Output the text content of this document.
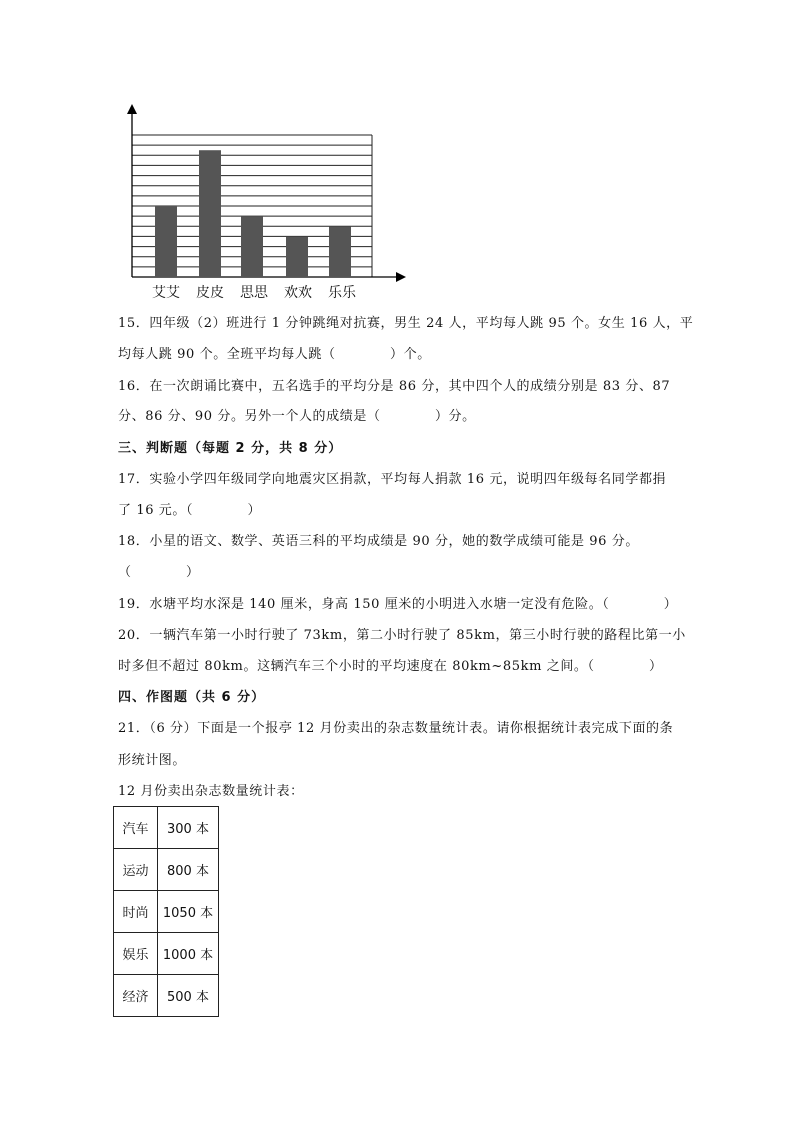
艾艾 皮皮 思思 欢欢 乐乐
15．四年级（2）班进行 1 分钟跳绳对抗赛，男生 24 人，平均每人跳 95 个。女生 16 人，平
均每人跳 90 个。全班平均每人跳（　　　　）个。
16．在一次朗诵比赛中，五名选手的平均分是 86 分，其中四个人的成绩分别是 83 分、87
分、86 分、90 分。另外一个人的成绩是（　　　　）分。
三、判断题（每题 2 分，共 8 分）
17．实验小学四年级同学向地震灾区捐款，平均每人捐款 16 元，说明四年级每名同学都捐
了 16 元。（　　　　）
18．小星的语文、数学、英语三科的平均成绩是 90 分，她的数学成绩可能是 96 分。
（　　　　）
19．水塘平均水深是 140 厘米，身高 150 厘米的小明进入水塘一定没有危险。（　　　　）
20．一辆汽车第一小时行驶了 73km，第二小时行驶了 85km，第三小时行驶的路程比第一小
时多但不超过 80km。这辆汽车三个小时的平均速度在 80km~85km 之间。（　　　　）
四、作图题（共 6 分）
21．（6 分）下面是一个报亭 12 月份卖出的杂志数量统计表。请你根据统计表完成下面的条
形统计图。
12 月份卖出杂志数量统计表：
汽车	300 本
运动	800 本
时尚	1050 本
娱乐	1000 本
经济	500 本
